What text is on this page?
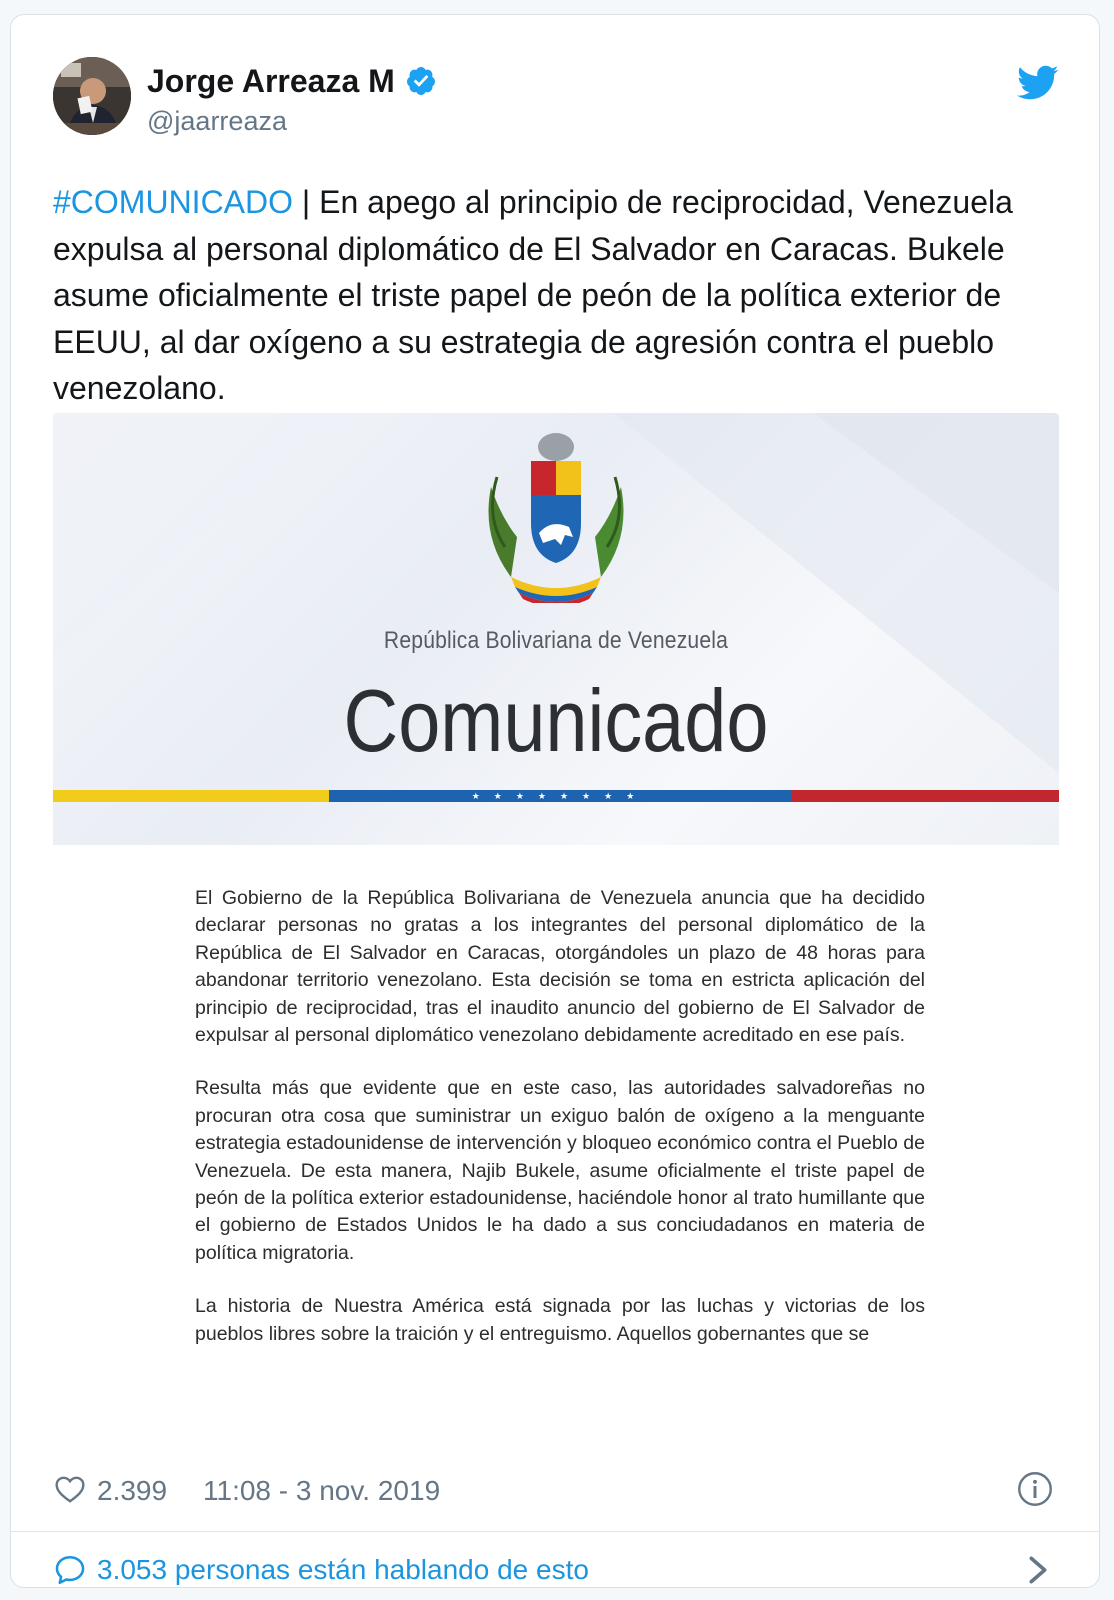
Jorge Arreaza M
@jaarreaza
#COMUNICADO | En apego al principio de reciprocidad, Venezuela expulsa al personal diplomático de El Salvador en Caracas. Bukele asume oficialmente el triste papel de peón de la política exterior de EEUU, al dar oxígeno a su estrategia de agresión contra el pueblo venezolano.
República Bolivariana de Venezuela
Comunicado
★★★★★★★★

El Gobierno de la República Bolivariana de Venezuela anuncia que ha decidido declarar personas no gratas a los integrantes del personal diplomático de la República de El Salvador en Caracas, otorgándoles un plazo de 48 horas para abandonar territorio venezolano. Esta decisión se toma en estricta aplicación del principio de reciprocidad, tras el inaudito anuncio del gobierno de El Salvador de expulsar al personal diplomático venezolano debidamente acreditado en ese país.

Resulta más que evidente que en este caso, las autoridades salvadoreñas no procuran otra cosa que suministrar un exiguo balón de oxígeno a la menguante estrategia estadounidense de intervención y bloqueo económico contra el Pueblo de Venezuela. De esta manera, Najib Bukele, asume oficialmente el triste papel de peón de la política exterior estadounidense, haciéndole honor al trato humillante que el gobierno de Estados Unidos le ha dado a sus conciudadanos en materia de política migratoria.

La historia de Nuestra América está signada por las luchas y victorias de los pueblos libres sobre la traición y el entreguismo. Aquellos gobernantes que se

2.399 11:08 - 3 nov. 2019
3.053 personas están hablando de esto
